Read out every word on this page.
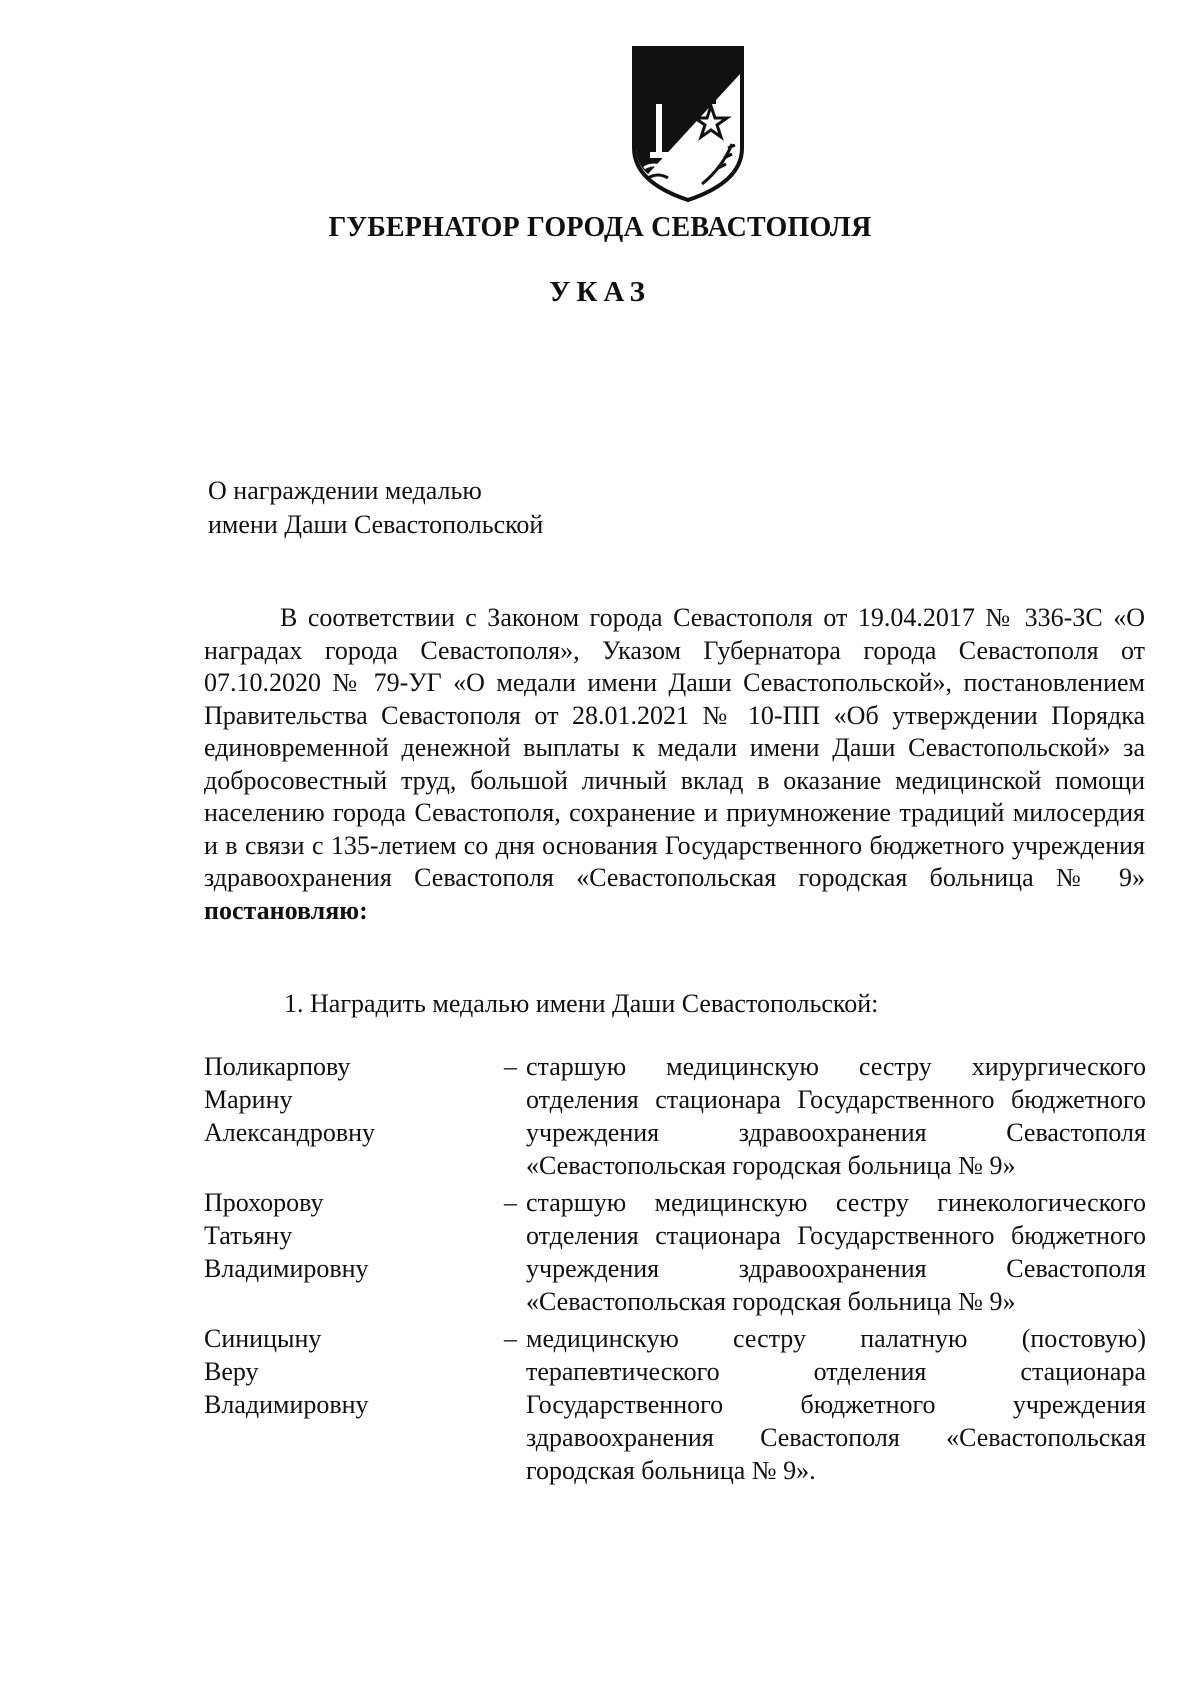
ГУБЕРНАТОР ГОРОДА СЕВАСТОПОЛЯ
УКАЗ
О награждении медалью
имени Даши Севастопольской
В соответствии с Законом города Севастополя от 19.04.2017 № 336-ЗС «О наградах города Севастополя», Указом Губернатора города Севастополя от 07.10.2020 № 79-УГ «О медали имени Даши Севастопольской», постановлением Правительства Севастополя от 28.01.2021 № 10-ПП «Об утверждении Порядка единовременной денежной выплаты к медали имени Даши Севастопольской» за добросовестный труд, большой личный вклад в оказание медицинской помощи населению города Севастополя, сохранение и приумножение традиций милосердия и в связи с 135-летием со дня основания Государственного бюджетного учреждения здравоохранения Севастополя «Севастопольская городская больница № 9» постановляю:
1. Наградить медалью имени Даши Севастопольской:
Поликарпову
Марину
Александровну
– старшую медицинскую сестру хирургического отделения стационара Государственного бюджетного учреждения здравоохранения Севастополя «Севастопольская городская больница № 9»
Прохорову
Татьяну
Владимировну
– старшую медицинскую сестру гинекологического отделения стационара Государственного бюджетного учреждения здравоохранения Севастополя «Севастопольская городская больница № 9»
Синицыну
Веру
Владимировну
– медицинскую сестру палатную (постовую) терапевтического отделения стационара Государственного бюджетного учреждения здравоохранения Севастополя «Севастопольская городская больница № 9».
